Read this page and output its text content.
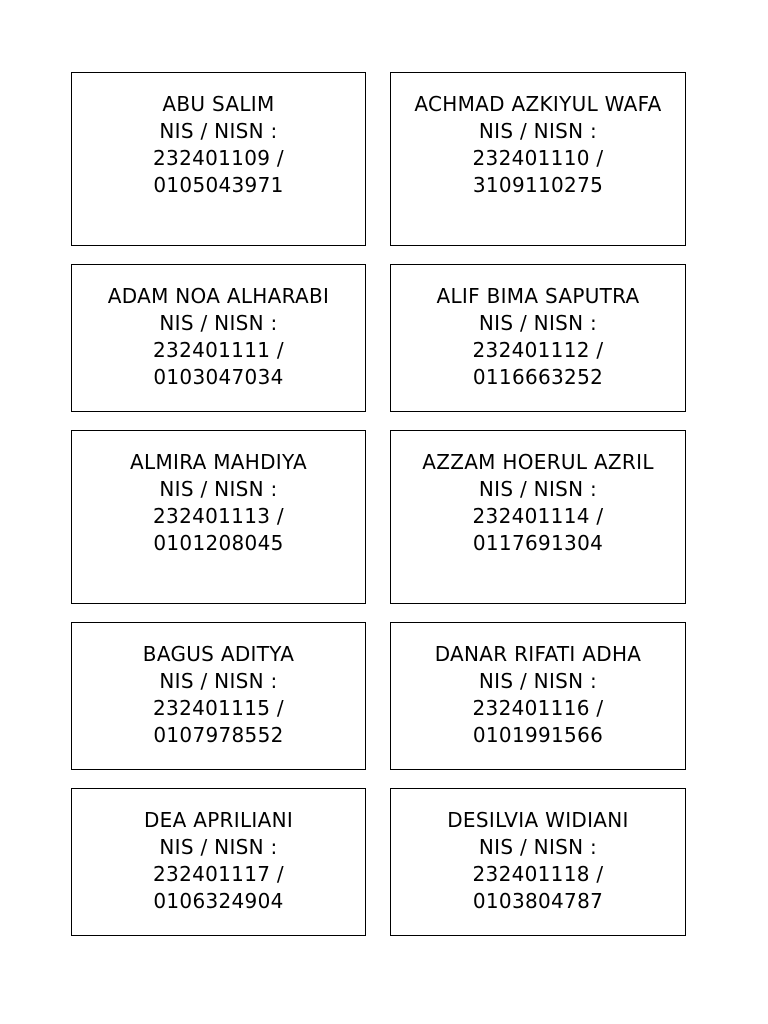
ABU SALIM
NIS / NISN :
232401109 /
0105043971
ACHMAD AZKIYUL WAFA
NIS / NISN :
232401110 /
3109110275
ADAM NOA ALHARABI
NIS / NISN :
232401111 /
0103047034
ALIF BIMA SAPUTRA
NIS / NISN :
232401112 /
0116663252
ALMIRA MAHDIYA
NIS / NISN :
232401113 /
0101208045
AZZAM HOERUL AZRIL
NIS / NISN :
232401114 /
0117691304
BAGUS ADITYA
NIS / NISN :
232401115 /
0107978552
DANAR RIFATI ADHA
NIS / NISN :
232401116 /
0101991566
DEA APRILIANI
NIS / NISN :
232401117 /
0106324904
DESILVIA WIDIANI
NIS / NISN :
232401118 /
0103804787
